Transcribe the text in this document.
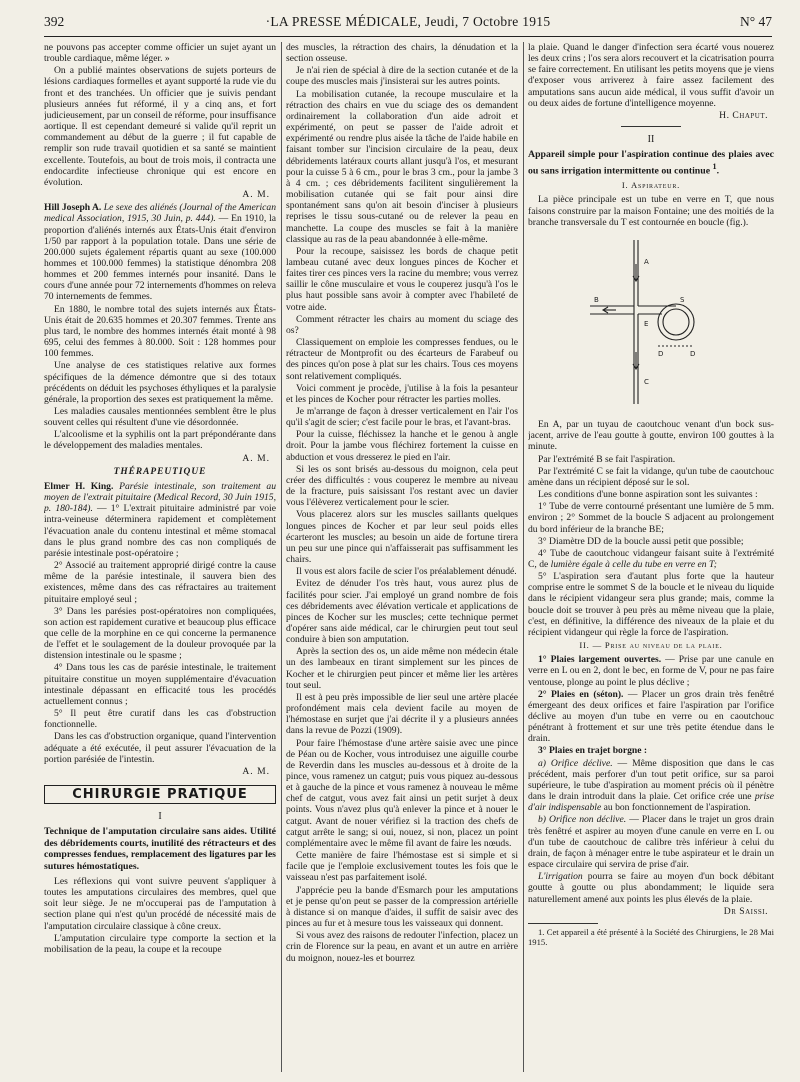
392	·LA PRESSE MÉDICALE, Jeudi, 7 Octobre 1915	N° 47

ne pouvons pas accepter comme officier un sujet ayant un trouble cardiaque, même léger. »

On a publié maintes observations de sujets porteurs de lésions cardiaques formelles et ayant supporté la rude vie du front et des tranchées. Un officier que je suivis pendant plusieurs années fut réformé, il y a cinq ans, et fort judicieusement, par un conseil de réforme, pour insuffisance aortique. Il est cependant demeuré si valide qu'il reprit un commandement au début de la guerre ; il fut capable de remplir son rude travail quotidien et sa santé se maintient excellente. Toutefois, au bout de trois mois, il contracta une endocardite infectieuse chronique qui est encore en évolution.

A. M.

Hill Joseph A. Le sexe des aliénés (Journal of the American medical Association, 1915, 30 Juin, p. 444). — En 1910, la proportion d'aliénés internés aux États-Unis était d'environ 1/50 par rapport à la population totale. Dans une série de 200.000 sujets également répartis quant au sexe (100.000 hommes et 100.000 femmes) la statistique dénombra 208 hommes et 200 femmes internés pour insanité. Dans le cours d'une année pour 72 internements d'hommes on releva 70 internements de femmes.

En 1880, le nombre total des sujets internés aux États-Unis était de 20.635 hommes et 20.307 femmes. Trente ans plus tard, le nombre des hommes internés était monté à 98 695, celui des femmes à 80.000. Soit : 128 hommes pour 100 femmes.

Une analyse de ces statistiques relative aux formes spécifiques de la démence démontre que si des totaux précédents on déduit les psychoses éthyliques et la paralysie générale, la proportion des sexes est pratiquement la même.

Les maladies causales mentionnées semblent être le plus souvent celles qui résultent d'une vie désordonnée.

L'alcoolisme et la syphilis ont la part prépondérante dans le développement des maladies mentales.

A. M.
THÉRAPEUTIQUE

Elmer H. King. Parésie intestinale, son traitement au moyen de l'extrait pituitaire (Medical Record, 30 Juin 1915, p. 180-184). — 1° L'extrait pituitaire administré par voie intra-veineuse déterminera rapidement et complètement l'évacuation anale du contenu intestinal et même stomacal dans le plus grand nombre des cas non compliqués de parésie intestinale post-opératoire ;

2° Associé au traitement approprié dirigé contre la cause même de la parésie intestinale, il sauvera bien des existences, même dans des cas réfractaires au traitement pituitaire employé seul ;

3° Dans les parésies post-opératoires non compliquées, son action est rapidement curative et beaucoup plus efficace que celle de la morphine en ce qui concerne la permanence de l'effet et le soulagement de la douleur provoquée par la distension intestinale ou le spasme ;

4° Dans tous les cas de parésie intestinale, le traitement pituitaire constitue un moyen supplémentaire d'évacuation intestinale dépassant en efficacité tous les procédés actuellement connus ;

5° Il peut être curatif dans les cas d'obstruction fonctionnelle.

Dans les cas d'obstruction organique, quand l'intervention adéquate a été exécutée, il peut assurer l'évacuation de la portion parésiée de l'intestin.

A. M.
CHIRURGIE PRATIQUE
I
Technique de l'amputation circulaire sans aides. Utilité des débridements courts, inutilité des rétracteurs et des compresses fendues, remplacement des ligatures par les sutures hémostatiques.

Les réflexions qui vont suivre peuvent s'appliquer à toutes les amputations circulaires des membres, quel que soit leur siège. Je ne m'occuperai pas de l'amputation à section plane qui n'est qu'un procédé de nécessité mais de l'amputation circulaire classique à cône creux.

L'amputation circulaire type comporte la section et la mobilisation de la peau, la coupe et la recoupe

des muscles, la rétraction des chairs, la dénudation et la section osseuse.

Je n'ai rien de spécial à dire de la section cutanée et de la coupe des muscles mais j'insisterai sur les autres points.

La mobilisation cutanée, la recoupe musculaire et la rétraction des chairs en vue du sciage des os demandent ordinairement la collaboration d'un aide adroit et expérimenté, on peut se passer de l'aide adroit et expérimenté ou rendre plus aisée la tâche de l'aide habile en faisant tomber sur l'incision circulaire de la peau, deux débridements latéraux courts allant jusqu'à l'os, et mesurant pour la cuisse 5 à 6 cm., pour le bras 3 cm., pour la jambe 3 à 4 cm. ; ces débridements facilitent singulièrement la mobilisation cutanée qui se fait pour ainsi dire spontanément sans qu'on ait besoin d'inciser à plusieurs reprises le tissu sous-cutané ou de relever la peau en manchette. La coupe des muscles se fait à la manière classique au ras de la peau abandonnée à elle-même.

Pour la recoupe, saisissez les bords de chaque petit lambeau cutané avec deux longues pinces de Kocher et faites tirer ces pinces vers la racine du membre; vous verrez saillir le cône musculaire et vous le couperez jusqu'à l'os le plus haut possible sans avoir à compter avec l'habileté de votre aide.

Comment rétracter les chairs au moment du sciage des os?

Classiquement on emploie les compresses fendues, ou le rétracteur de Montprofit ou des écarteurs de Farabeuf ou des pinces qu'on pose à plat sur les chairs. Tous ces moyens sont relativement compliqués.

Voici comment je procède, j'utilise à la fois la pesanteur et les pinces de Kocher pour rétracter les parties molles.

Je m'arrange de façon à dresser verticalement en l'air l'os qu'il s'agit de scier; c'est facile pour le bras, et l'avant-bras.

Pour la cuisse, fléchissez la hanche et le genou à angle droit. Pour la jambe vous fléchirez fortement la cuisse en abduction et vous dresserez le pied en l'air.

Si les os sont brisés au-dessous du moignon, cela peut créer des difficultés : vous couperez le membre au niveau de la fracture, puis saisissant l'os restant avec un davier vous l'élèverez verticalement pour le scier.

Vous placerez alors sur les muscles saillants quelques longues pinces de Kocher et par leur seul poids elles écarteront les muscles; au besoin un aide de fortune tirera un peu sur une pince qui n'affaisserait pas suffisamment les chairs.

Il vous est alors facile de scier l'os préalablement dénudé.

Evitez de dénuder l'os très haut, vous aurez plus de facilités pour scier. J'ai employé un grand nombre de fois ces débridements avec élévation verticale et applications de pinces de Kocher sur les muscles; cette technique permet d'opérer sans aide médical, car le chirurgien peut tout seul conduire à bien son amputation.

Après la section des os, un aide même non médecin étale un des lambeaux en tirant simplement sur les pinces de Kocher et le chirurgien peut pincer et même lier les artères tout seul.

Il est à peu près impossible de lier seul une artère placée profondément mais cela devient facile au moyen de l'hémostase en surjet que j'ai décrite il y a plusieurs années dans la revue de Pozzi (1909).

Pour faire l'hémostase d'une artère saisie avec une pince de Péan ou de Kocher, vous introduisez une aiguille courbe de Reverdin dans les muscles au-dessous et à droite de la pince, vous ramenez un catgut; puis vous piquez au-dessous et à gauche de la pince et vous ramenez à nouveau le même chef de catgut, vous avez fait ainsi un petit surjet à deux points. Vous n'avez plus qu'à enlever la pince et à nouer le catgut. Avant de nouer vérifiez si la traction des chefs de catgut arrête le sang; si oui, nouez, si non, placez un point complémentaire avec le même fil avant de faire les nœuds.

Cette manière de faire l'hémostase est si simple et si facile que je l'emploie exclusivement toutes les fois que le vaisseau n'est pas parfaitement isolé.

J'apprécie peu la bande d'Esmarch pour les amputations et je pense qu'on peut se passer de la compression artérielle à distance si on manque d'aides, il suffit de saisir avec des pinces au fur et à mesure tous les vaisseaux qui donnent.

Si vous avez des raisons de redouter l'infection, placez un crin de Florence sur la peau, en avant et un autre en arrière du moignon, nouez-les et bourrez

la plaie. Quand le danger d'infection sera écarté vous nouerez les deux crins ; l'os sera alors recouvert et la cicatrisation pourra se faire correctement. En utilisant les petits moyens que je viens d'exposer vous arriverez à faire assez facilement des amputations sans aucun aide médical, il vous suffit d'avoir un ou deux aides de fortune d'intelligence moyenne.

H. Chaput.
II
Appareil simple pour l'aspiration continue des plaies avec ou sans irrigation intermittente ou continue $^1$.
I. Aspirateur.

La pièce principale est un tube en verre en T, que nous faisons construire par la maison Fontaine; une des moitiés de la branche transversale du T est contournée en boucle (fig.).

A
B
C
D	D
E
S

En A, par un tuyau de caoutchouc venant d'un bock sus-jacent, arrive de l'eau goutte à goutte, environ 100 gouttes à la minute.

Par l'extrémité B se fait l'aspiration.

Par l'extrémité C se fait la vidange, qu'un tube de caoutchouc amène dans un récipient déposé sur le sol.

Les conditions d'une bonne aspiration sont les suivantes :

1° Tube de verre contourné présentant une lumière de 5 mm. environ ; 2° Sommet de la boucle S adjacent au prolongement du bord inférieur de la branche BE;

3° Diamètre DD de la boucle aussi petit que possible;

4° Tube de caoutchouc vidangeur faisant suite à l'extrémité C, de lumière égale à celle du tube en verre en T;

5° L'aspiration sera d'autant plus forte que la hauteur comprise entre le sommet S de la boucle et le niveau du liquide dans le récipient vidangeur sera plus grande; mais, comme la boucle doit se trouver à peu près au même niveau que la plaie, c'est, en définitive, la différence des niveaux de la plaie et du récipient vidangeur qui règle la force de l'aspiration.

II. — Prise au niveau de la plaie.

1° Plaies largement ouvertes. — Prise par une canule en verre en L ou en 2, dont le bec, en forme de V, pour ne pas faire ventouse, plonge au point le plus déclive ;

2° Plaies en (séton). — Placer un gros drain très fenêtré émergeant des deux orifices et faire l'aspiration par l'orifice déclive au moyen d'un tube en verre ou en caoutchouc pénétrant à frottement et sur une très petite étendue dans le drain.

3° Plaies en trajet borgne :

a) Orifice déclive. — Même disposition que dans le cas précédent, mais perforer d'un tout petit orifice, sur sa paroi supérieure, le tube d'aspiration au moment précis où il pénètre dans le drain introduit dans la plaie. Cet orifice crée une prise d'air indispensable au bon fonctionnement de l'aspiration.

b) Orifice non déclive. — Placer dans le trajet un gros drain très fenêtré et aspirer au moyen d'une canule en verre en L ou d'un tube de caoutchouc de calibre très inférieur à celui du drain, de façon à ménager entre le tube aspirateur et le drain un espace circulaire qui servira de prise d'air.

L'irrigation pourra se faire au moyen d'un bock débitant goutte à goutte ou plus abondamment; le liquide sera naturellement amené aux points les plus élevés de la plaie.

Dr Saissi.

1. Cet appareil a été présenté à la Société des Chirurgiens, le 28 Mai 1915.
